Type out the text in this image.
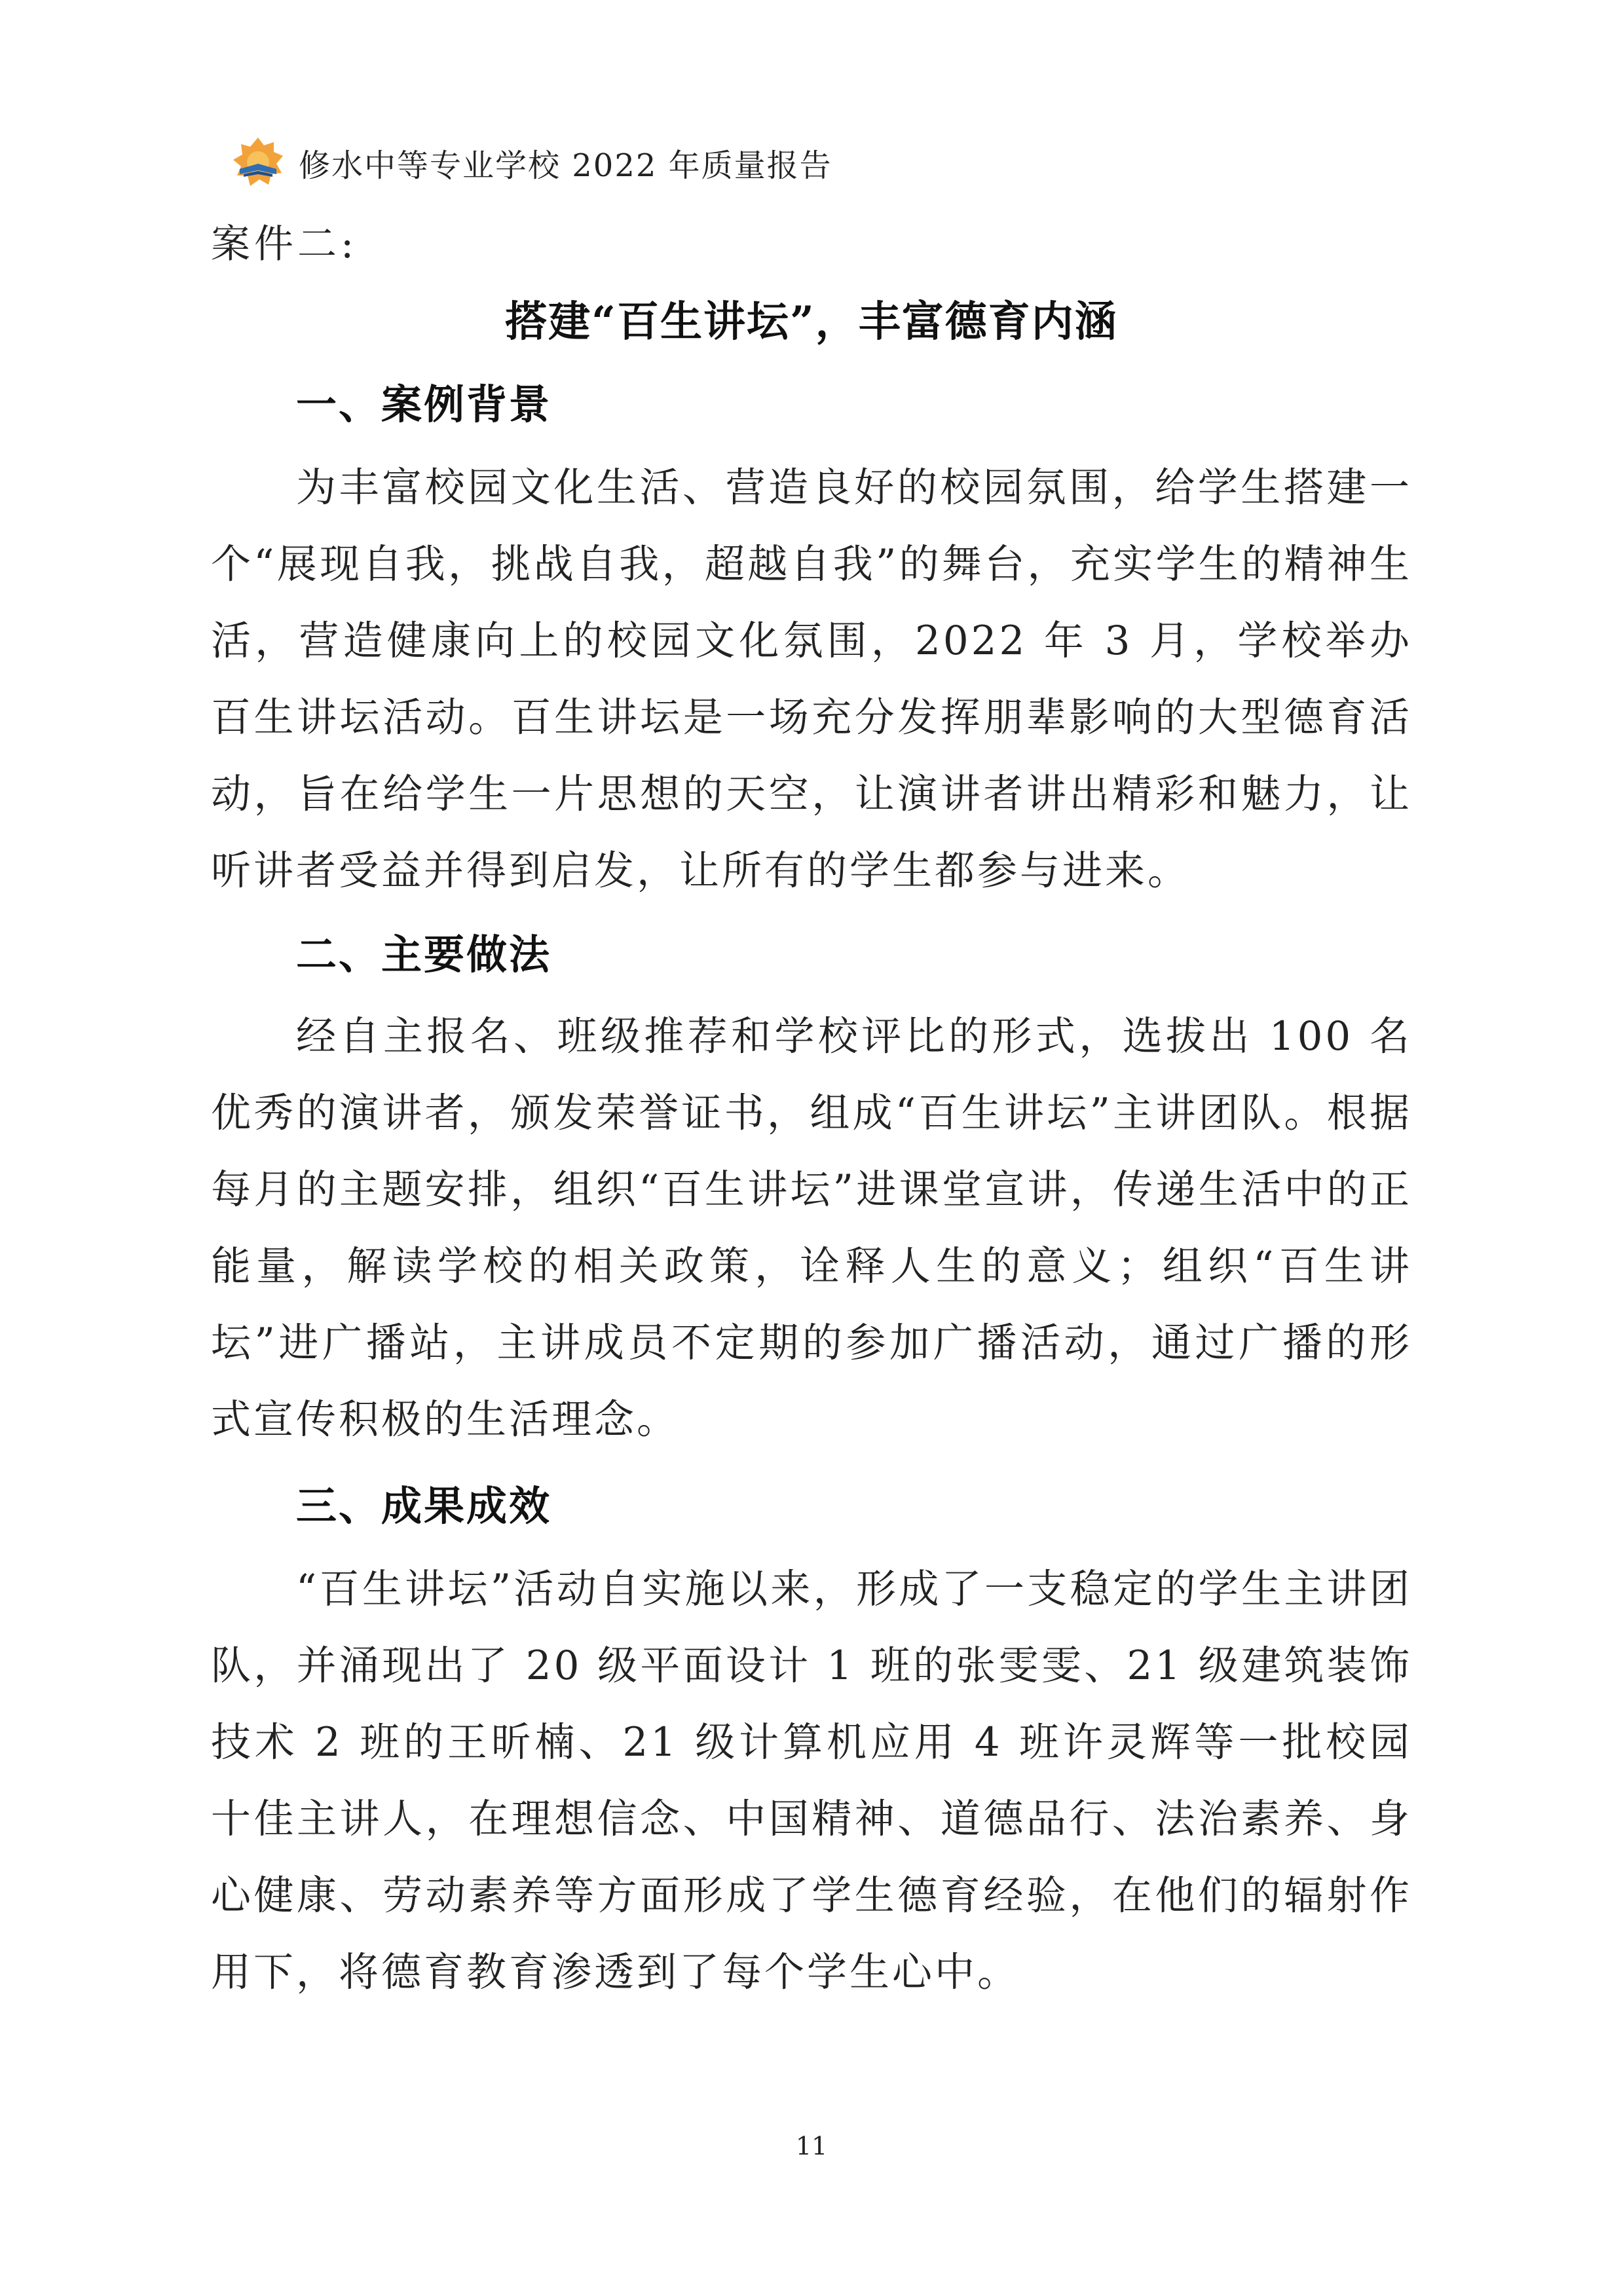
修水中等专业学校 2022 年质量报告
案件二:
搭建“百生讲坛”，丰富德育内涵
一、案例背景
为丰富校园文化生活、营造良好的校园氛围，给学生搭建一个“展现自我，挑战自我，超越自我”的舞台，充实学生的精神生活，营造健康向上的校园文化氛围，2022 年 3 月，学校举办百生讲坛活动。百生讲坛是一场充分发挥朋辈影响的大型德育活动，旨在给学生一片思想的天空，让演讲者讲出精彩和魅力，让听讲者受益并得到启发，让所有的学生都参与进来。
二、主要做法
经自主报名、班级推荐和学校评比的形式，选拔出 100 名优秀的演讲者，颁发荣誉证书，组成“百生讲坛”主讲团队。根据每月的主题安排，组织“百生讲坛”进课堂宣讲，传递生活中的正能量，解读学校的相关政策，诠释人生的意义；组织“百生讲坛”进广播站，主讲成员不定期的参加广播活动，通过广播的形式宣传积极的生活理念。
三、成果成效
“百生讲坛”活动自实施以来，形成了一支稳定的学生主讲团队，并涌现出了 20 级平面设计 1 班的张雯雯、21 级建筑装饰技术 2 班的王昕楠、21 级计算机应用 4 班许灵辉等一批校园十佳主讲人，在理想信念、中国精神、道德品行、法治素养、身心健康、劳动素养等方面形成了学生德育经验，在他们的辐射作用下，将德育教育渗透到了每个学生心中。
11
